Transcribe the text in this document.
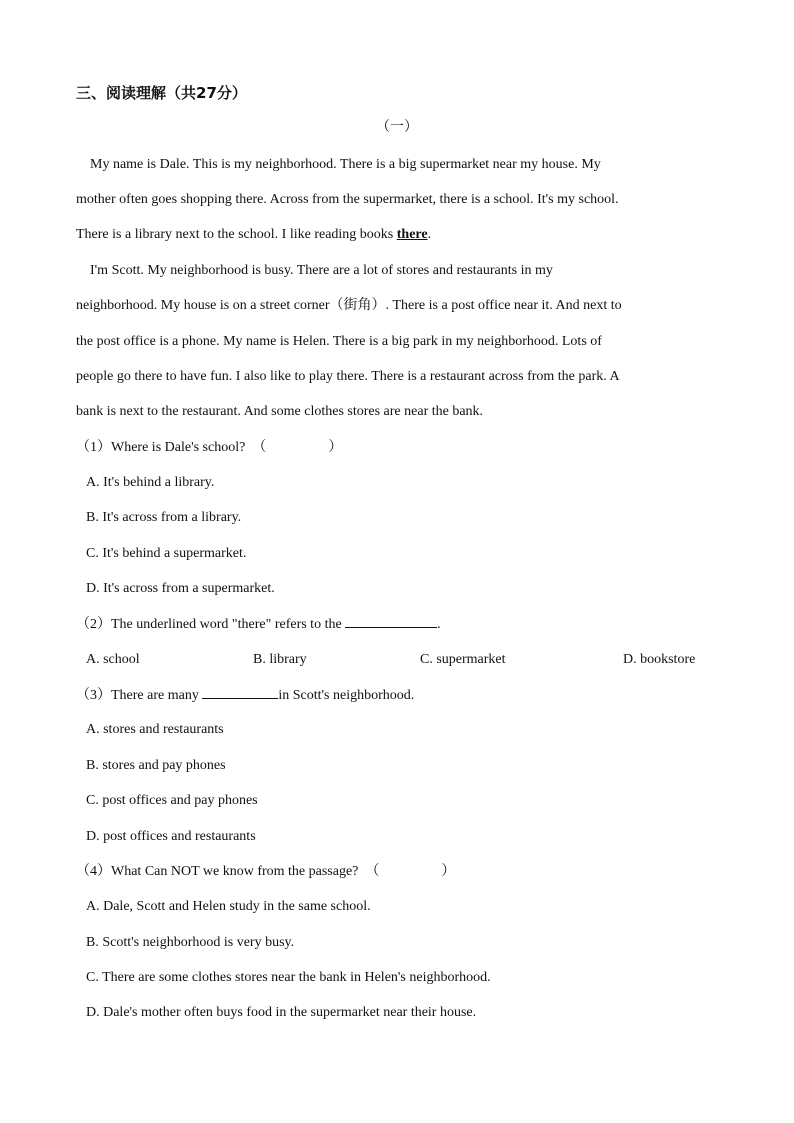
三、阅读理解（共27分）
（一）
My name is Dale. This is my neighborhood. There is a big supermarket near my house. My
mother often goes shopping there. Across from the supermarket, there is a school. It's my school.
There is a library next to the school. I like reading books there.
I'm Scott. My neighborhood is busy. There are a lot of stores and restaurants in my
neighborhood. My house is on a street corner（街角）. There is a post office near it. And next to
the post office is a phone. My name is Helen. There is a big park in my neighborhood. Lots of
people go there to have fun. I also like to play there. There is a restaurant across from the park. A
bank is next to the restaurant. And some clothes stores are near the bank.
（1）Where is Dale's school?　（	）
A. It's behind a library.
B. It's across from a library.
C. It's behind a supermarket.
D. It's across from a supermarket.
（2）The underlined word "there" refers to the	.
A. school	B. library	C. supermarket	D. bookstore
（3）There are many	in Scott's neighborhood.
A. stores and restaurants
B. stores and pay phones
C. post offices and pay phones
D. post offices and restaurants
（4）What Can NOT we know from the passage?　（	）
A. Dale, Scott and Helen study in the same school.
B. Scott's neighborhood is very busy.
C. There are some clothes stores near the bank in Helen's neighborhood.
D. Dale's mother often buys food in the supermarket near their house.
